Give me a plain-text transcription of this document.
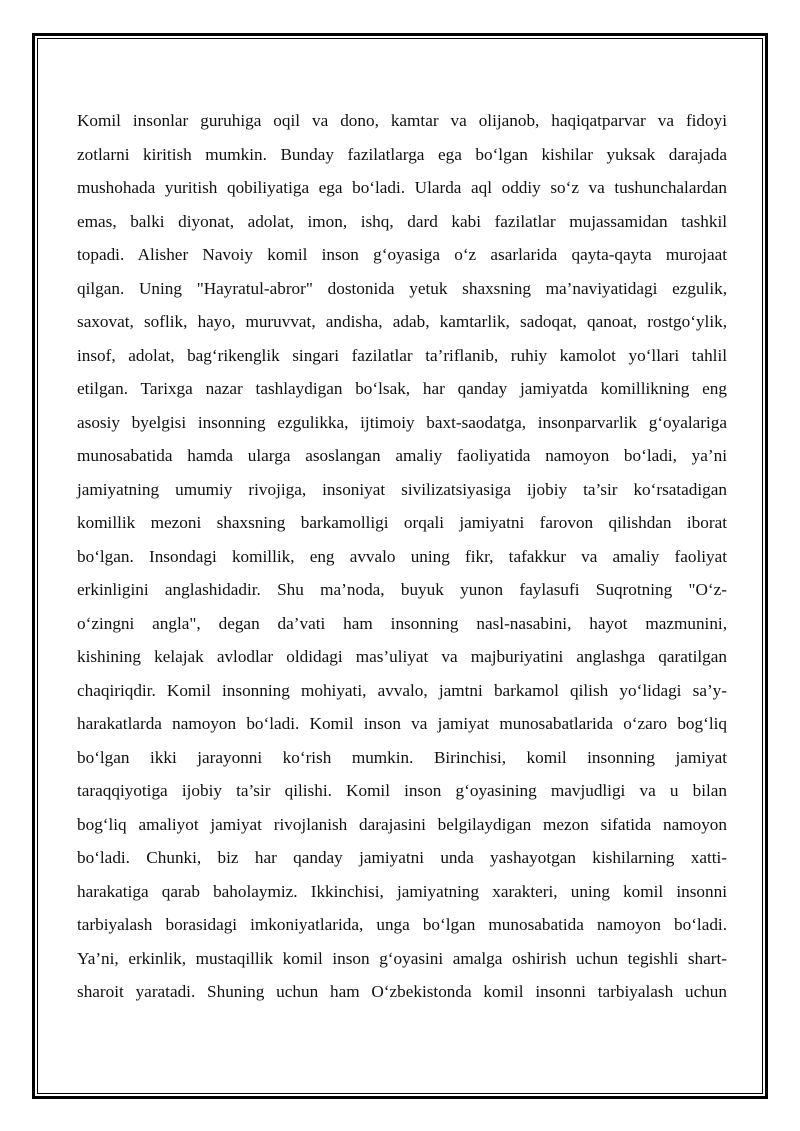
Komil insonlar guruhiga oqil va dono, kamtar va olijanob, haqiqatparvar va fidoyi
zotlarni kiritish mumkin. Bunday fazilatlarga ega bo‘lgan kishilar yuksak darajada
mushohada yuritish qobiliyatiga ega bo‘ladi. Ularda aql oddiy so‘z va tushunchalardan
emas, balki diyonat, adolat, imon, ishq, dard kabi fazilatlar mujassamidan tashkil
topadi. Alisher Navoiy komil inson g‘oyasiga o‘z asarlarida qayta-qayta murojaat
qilgan. Uning "Hayratul-abror" dostonida yetuk shaxsning ma’naviyatidagi ezgulik,
saxovat, soflik, hayo, muruvvat, andisha, adab, kamtarlik, sadoqat, qanoat, rostgo‘ylik,
insof, adolat, bag‘rikenglik singari fazilatlar ta’riflanib, ruhiy kamolot yo‘llari tahlil
etilgan. Tarixga nazar tashlaydigan bo‘lsak, har qanday jamiyatda komillikning eng
asosiy byelgisi insonning ezgulikka, ijtimoiy baxt-saodatga, insonparvarlik g‘oyalariga
munosabatida hamda ularga asoslangan amaliy faoliyatida namoyon bo‘ladi, ya’ni
jamiyatning umumiy rivojiga, insoniyat sivilizatsiyasiga ijobiy ta’sir ko‘rsatadigan
komillik mezoni shaxsning barkamolligi orqali jamiyatni farovon qilishdan iborat
bo‘lgan. Insondagi komillik, eng avvalo uning fikr, tafakkur va amaliy faoliyat
erkinligini anglashidadir. Shu ma’noda, buyuk yunon faylasufi Suqrotning "O‘z-
o‘zingni angla", degan da’vati ham insonning nasl-nasabini, hayot mazmunini,
kishining kelajak avlodlar oldidagi mas’uliyat va majburiyatini anglashga qaratilgan
chaqiriqdir. Komil insonning mohiyati, avvalo, jamtni barkamol qilish yo‘lidagi sa’y-
harakatlarda namoyon bo‘ladi. Komil inson va jamiyat munosabatlarida o‘zaro bog‘liq
bo‘lgan ikki jarayonni ko‘rish mumkin. Birinchisi, komil insonning jamiyat
taraqqiyotiga ijobiy ta’sir qilishi. Komil inson g‘oyasining mavjudligi va u bilan
bog‘liq amaliyot jamiyat rivojlanish darajasini belgilaydigan mezon sifatida namoyon
bo‘ladi. Chunki, biz har qanday jamiyatni unda yashayotgan kishilarning xatti-
harakatiga qarab baholaymiz. Ikkinchisi, jamiyatning xarakteri, uning komil insonni
tarbiyalash borasidagi imkoniyatlarida, unga bo‘lgan munosabatida namoyon bo‘ladi.
Ya’ni, erkinlik, mustaqillik komil inson g‘oyasini amalga oshirish uchun tegishli shart-
sharoit yaratadi. Shuning uchun ham O‘zbekistonda komil insonni tarbiyalash uchun
